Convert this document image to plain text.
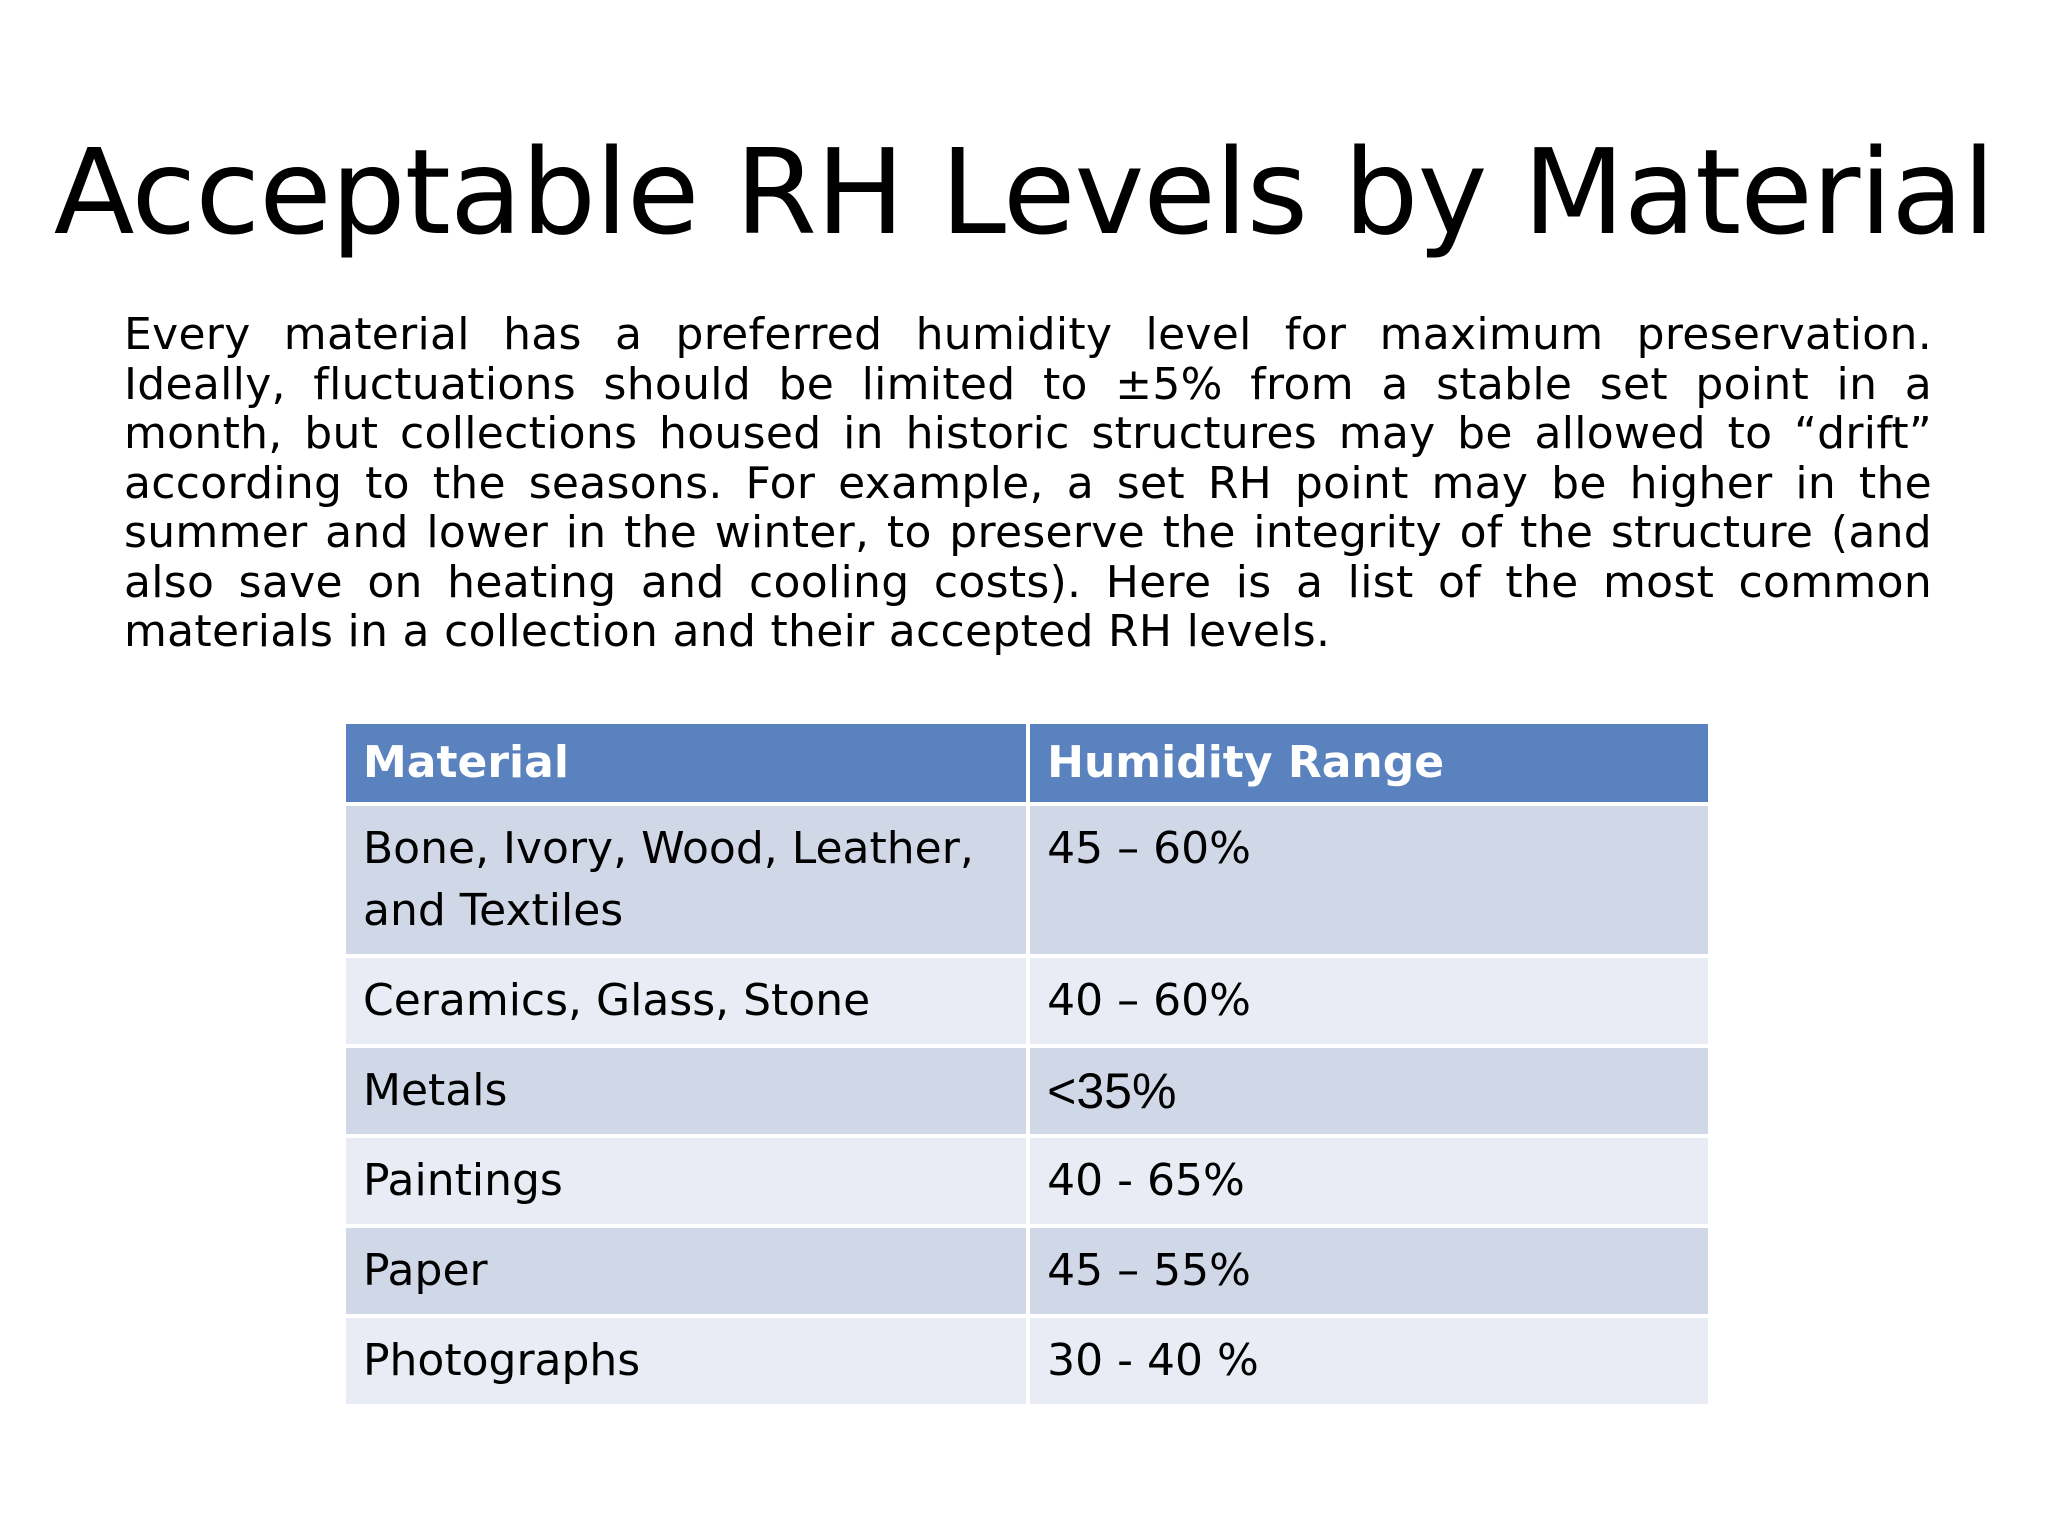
Acceptable RH Levels by Material

Every material has a preferred humidity level for maximum preservation. Ideally, fluctuations should be limited to ±5% from a stable set point in a month, but collections housed in historic structures may be allowed to “drift” according to the seasons. For example, a set RH point may be higher in the summer and lower in the winter, to preserve the integrity of the structure (and also save on heating and cooling costs). Here is a list of the most common materials in a collection and their accepted RH levels.

Material	Humidity Range
Bone, Ivory, Wood, Leather, and Textiles	45 – 60%
Ceramics, Glass, Stone	40 – 60%
Metals	<35%
Paintings	40 - 65%
Paper	45 – 55%
Photographs	30 - 40 %
